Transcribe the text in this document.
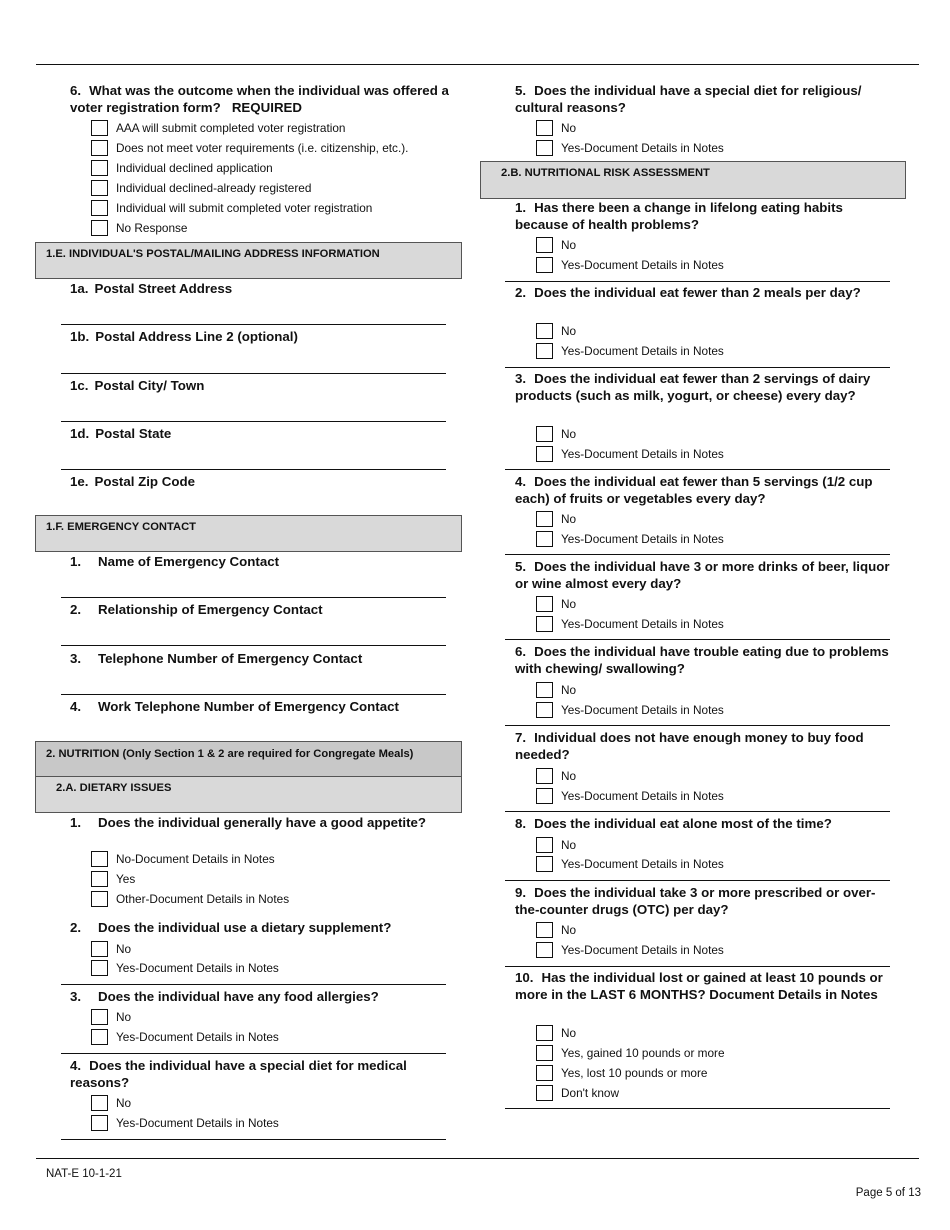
6. What was the outcome when the individual was offered a voter registration form? REQUIRED
AAA will submit completed voter registration
Does not meet voter requirements (i.e. citizenship, etc.).
Individual declined application
Individual declined-already registered
Individual will submit completed voter registration
No Response
1.E. INDIVIDUAL'S POSTAL/MAILING ADDRESS INFORMATION
1a. Postal Street Address
1b. Postal Address Line 2 (optional)
1c. Postal City/ Town
1d. Postal State
1e. Postal Zip Code
1.F. EMERGENCY CONTACT
1. Name of Emergency Contact
2. Relationship of Emergency Contact
3. Telephone Number of Emergency Contact
4. Work Telephone Number of Emergency Contact
2. NUTRITION (Only Section 1 & 2 are required for Congregate Meals)
2.A. DIETARY ISSUES
1. Does the individual generally have a good appetite?
No-Document Details in Notes
Yes
Other-Document Details in Notes
2. Does the individual use a dietary supplement?
No
Yes-Document Details in Notes
3. Does the individual have any food allergies?
No
Yes-Document Details in Notes
4. Does the individual have a special diet for medical reasons?
No
Yes-Document Details in Notes
5. Does the individual have a special diet for religious/ cultural reasons?
No
Yes-Document Details in Notes
2.B. NUTRITIONAL RISK ASSESSMENT
1. Has there been a change in lifelong eating habits because of health problems?
No
Yes-Document Details in Notes
2. Does the individual eat fewer than 2 meals per day?
No
Yes-Document Details in Notes
3. Does the individual eat fewer than 2 servings of dairy products (such as milk, yogurt, or cheese) every day?
No
Yes-Document Details in Notes
4. Does the individual eat fewer than 5 servings (1/2 cup each) of fruits or vegetables every day?
No
Yes-Document Details in Notes
5. Does the individual have 3 or more drinks of beer, liquor or wine almost every day?
No
Yes-Document Details in Notes
6. Does the individual have trouble eating due to problems with chewing/ swallowing?
No
Yes-Document Details in Notes
7. Individual does not have enough money to buy food needed?
No
Yes-Document Details in Notes
8. Does the individual eat alone most of the time?
No
Yes-Document Details in Notes
9. Does the individual take 3 or more prescribed or over-the-counter drugs (OTC) per day?
No
Yes-Document Details in Notes
10. Has the individual lost or gained at least 10 pounds or more in the LAST 6 MONTHS? Document Details in Notes
No
Yes, gained 10 pounds or more
Yes, lost 10 pounds or more
Don't know
NAT-E 10-1-21
Page 5 of 13
